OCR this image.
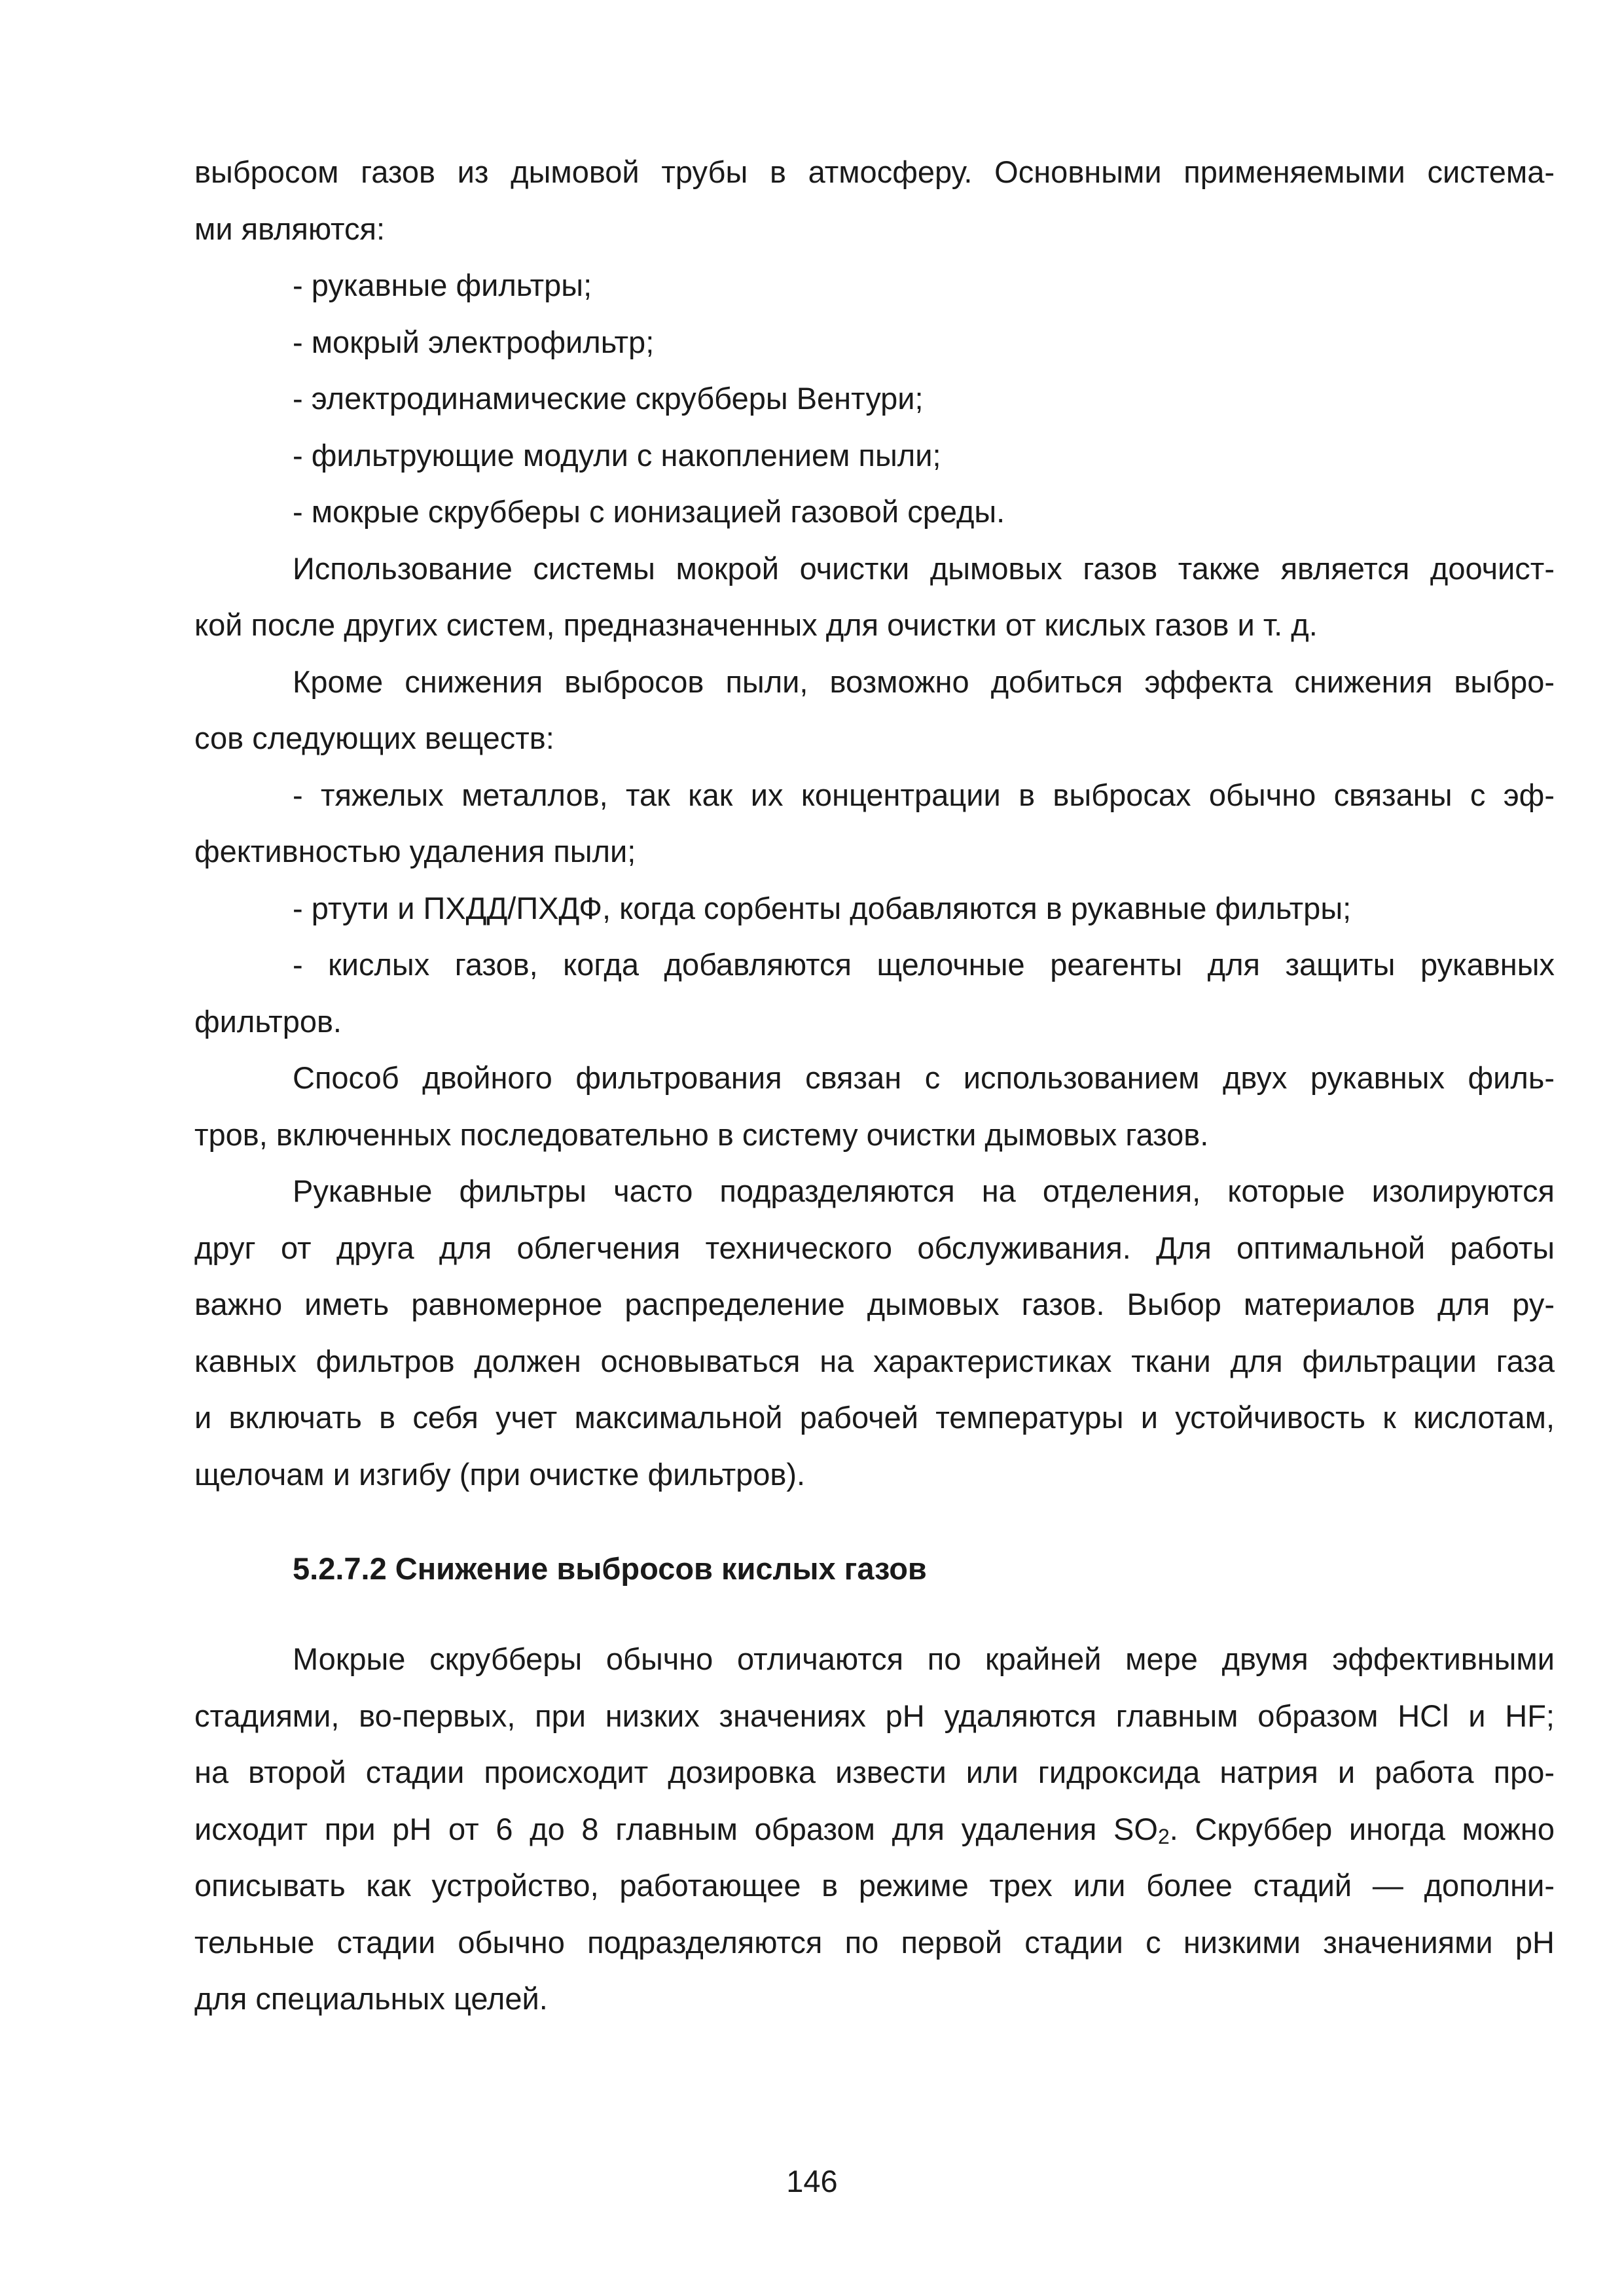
выбросом газов из дымовой трубы в атмосферу. Основными применяемыми система-
ми являются:
- рукавные фильтры;
- мокрый электрофильтр;
- электродинамические скрубберы Вентури;
- фильтрующие модули с накоплением пыли;
- мокрые скрубберы с ионизацией газовой среды.
Использование системы мокрой очистки дымовых газов также является доочист-
кой после других систем, предназначенных для очистки от кислых газов и т. д.
Кроме снижения выбросов пыли, возможно добиться эффекта снижения выбро-
сов следующих веществ:
- тяжелых металлов, так как их концентрации в выбросах обычно связаны с эф-
фективностью удаления пыли;
- ртути и ПХДД/ПХДФ, когда сорбенты добавляются в рукавные фильтры;
- кислых газов, когда добавляются щелочные реагенты для защиты рукавных
фильтров.
Способ двойного фильтрования связан с использованием двух рукавных филь-
тров, включенных последовательно в систему очистки дымовых газов.
Рукавные фильтры часто подразделяются на отделения, которые изолируются
друг от друга для облегчения технического обслуживания. Для оптимальной работы
важно иметь равномерное распределение дымовых газов. Выбор материалов для ру-
кавных фильтров должен основываться на характеристиках ткани для фильтрации газа
и включать в себя учет максимальной рабочей температуры и устойчивость к кислотам,
щелочам и изгибу (при очистке фильтров).
5.2.7.2 Снижение выбросов кислых газов
Мокрые скрубберы обычно отличаются по крайней мере двумя эффективными
стадиями, во-первых, при низких значениях pH удаляются главным образом HCl и HF;
на второй стадии происходит дозировка извести или гидроксида натрия и работа про-
исходит при pH от 6 до 8 главным образом для удаления $SO_2$. Скруббер иногда можно
описывать как устройство, работающее в режиме трех или более стадий — дополни-
тельные стадии обычно подразделяются по первой стадии с низкими значениями pH
для специальных целей.
146
